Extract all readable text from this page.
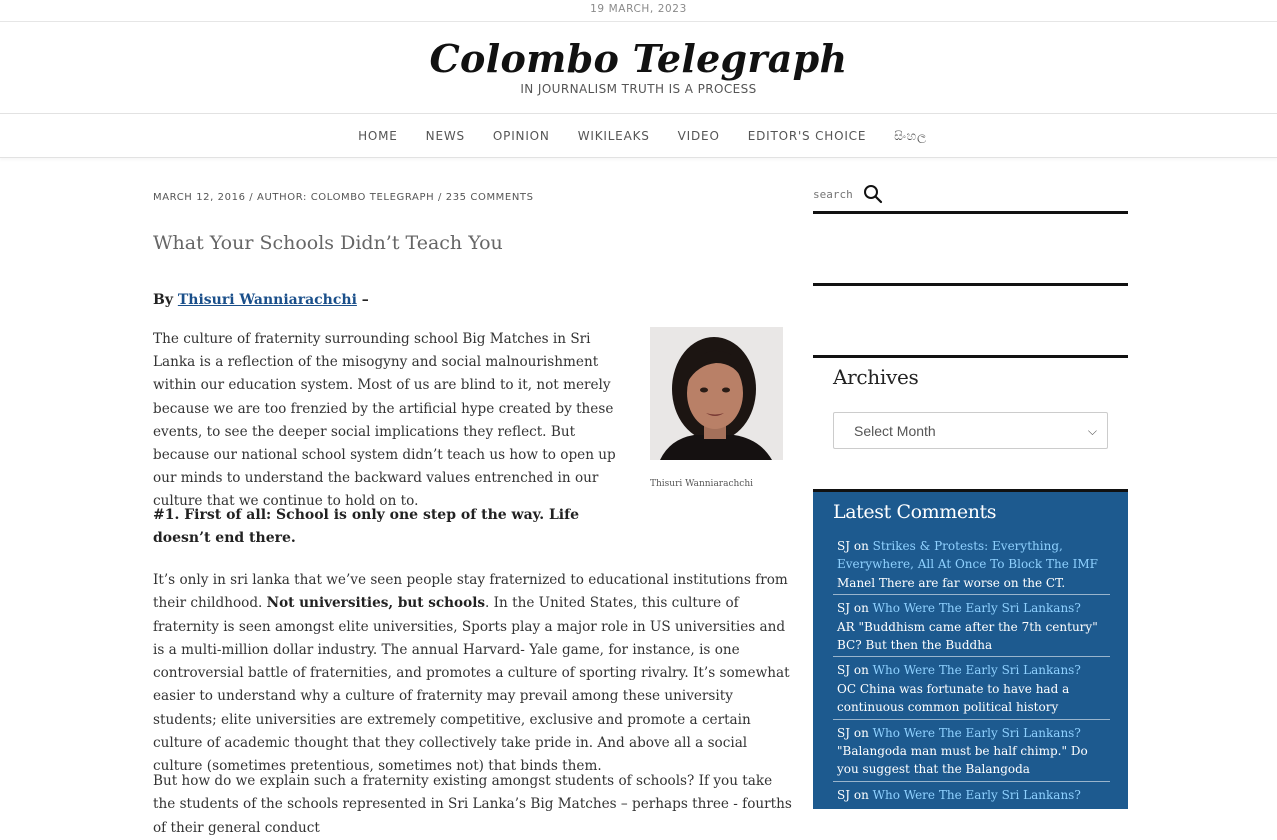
19 MARCH, 2023
Colombo Telegraph
IN JOURNALISM TRUTH IS A PROCESS
HOME	NEWS	OPINION	WIKILEAKS	VIDEO	EDITOR'S CHOICE	සිංහල
MARCH 12, 2016 / AUTHOR: COLOMBO TELEGRAPH / 235 COMMENTS
What Your Schools Didn’t Teach You
By Thisuri Wanniarachchi –

The culture of fraternity surrounding school Big Matches in Sri Lanka is a reflection of the misogyny and social malnourishment within our education system. Most of us are blind to it, not merely because we are too frenzied by the artificial hype created by these events, to see the deeper social implications they reflect. But because our national school system didn’t teach us how to open up our minds to understand the backward values entrenched in our culture that we continue to hold on to.

Thisuri Wanniarachchi
#1. First of all: School is only one step of the way. Life doesn’t end there.

It’s only in sri lanka that we’ve seen people stay fraternized to educational institutions from their childhood. Not universities, but schools. In the United States, this culture of fraternity is seen amongst elite universities, Sports play a major role in US universities and is a multi-million dollar industry. The annual Harvard- Yale game, for instance, is one controversial battle of fraternities, and promotes a culture of sporting rivalry. It’s somewhat easier to understand why a culture of fraternity may prevail among these university students; elite universities are extremely competitive, exclusive and promote a certain culture of academic thought that they collectively take pride in. And above all a social culture (sometimes pretentious, sometimes not) that binds them.

But how do we explain such a fraternity existing amongst students of schools? If you take the students of the schools represented in Sri Lanka’s Big Matches – perhaps three - fourths of their general conduct

search
Archives
Select Month	⌵
Latest Comments
SJ on Strikes & Protests: Everything, Everywhere, All At Once To Block The IMF
Manel There are far worse on the CT.
SJ on Who Were The Early Sri Lankans?
AR "Buddhism came after the 7th century" BC? But then the Buddha
SJ on Who Were The Early Sri Lankans?
OC China was fortunate to have had a continuous common political history
SJ on Who Were The Early Sri Lankans?
"Balangoda man must be half chimp." Do you suggest that the Balangoda
SJ on Who Were The Early Sri Lankans?
